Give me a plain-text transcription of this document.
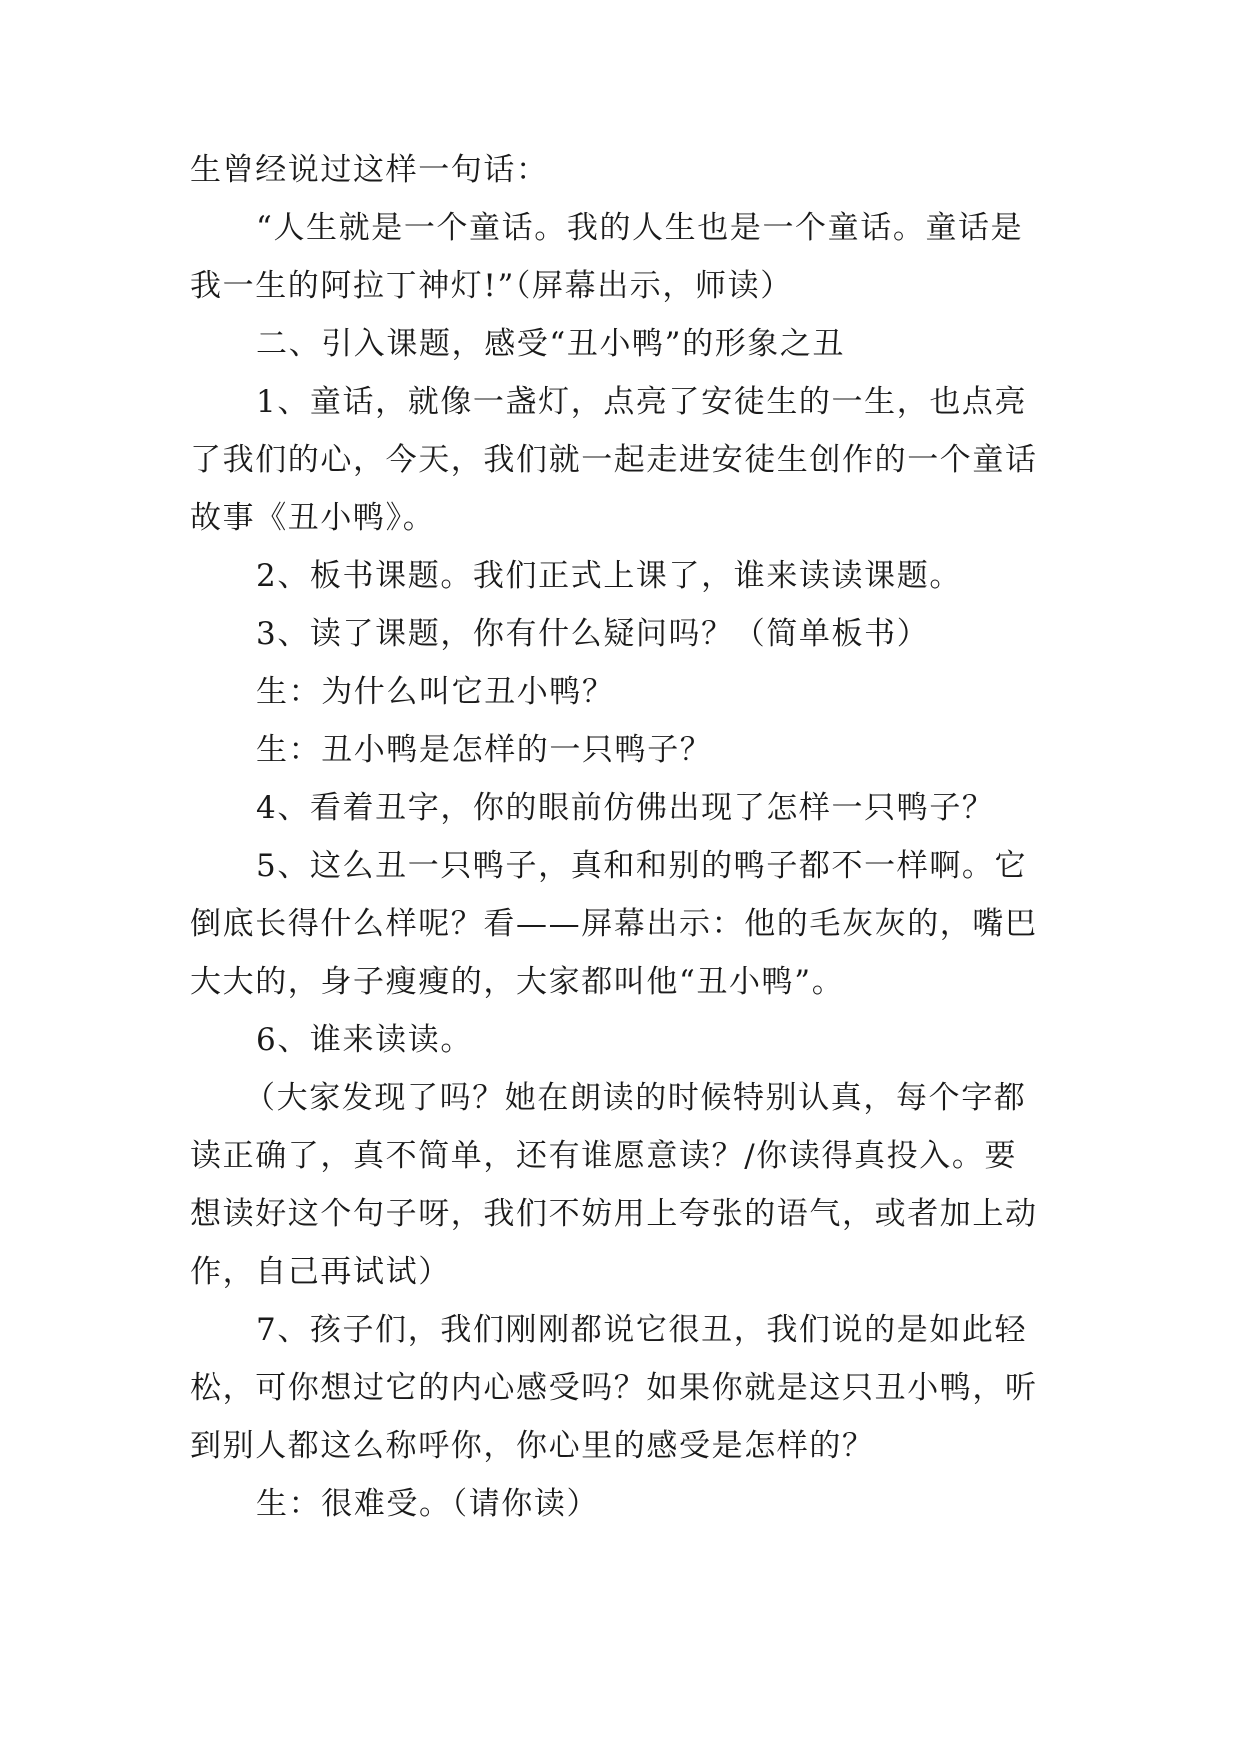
生曾经说过这样一句话：
“人生就是一个童话。我的人生也是一个童话。童话是
我一生的阿拉丁神灯!”（屏幕出示，师读）
二、引入课题，感受“丑小鸭”的形象之丑
1、童话，就像一盏灯，点亮了安徒生的一生，也点亮
了我们的心，今天，我们就一起走进安徒生创作的一个童话
故事《丑小鸭》。
2、板书课题。我们正式上课了，谁来读读课题。
3、读了课题，你有什么疑问吗？（简单板书）
生：为什么叫它丑小鸭？
生：丑小鸭是怎样的一只鸭子？
4、看着丑字，你的眼前仿佛出现了怎样一只鸭子？
5、这么丑一只鸭子，真和和别的鸭子都不一样啊。它
倒底长得什么样呢？看——屏幕出示：他的毛灰灰的，嘴巴
大大的，身子瘦瘦的，大家都叫他“丑小鸭”。
6、谁来读读。
（大家发现了吗？她在朗读的时候特别认真，每个字都
读正确了，真不简单，还有谁愿意读？/你读得真投入。要
想读好这个句子呀，我们不妨用上夸张的语气，或者加上动
作，自己再试试）
7、孩子们，我们刚刚都说它很丑，我们说的是如此轻
松，可你想过它的内心感受吗？如果你就是这只丑小鸭，听
到别人都这么称呼你，你心里的感受是怎样的？
生：很难受。（请你读）
